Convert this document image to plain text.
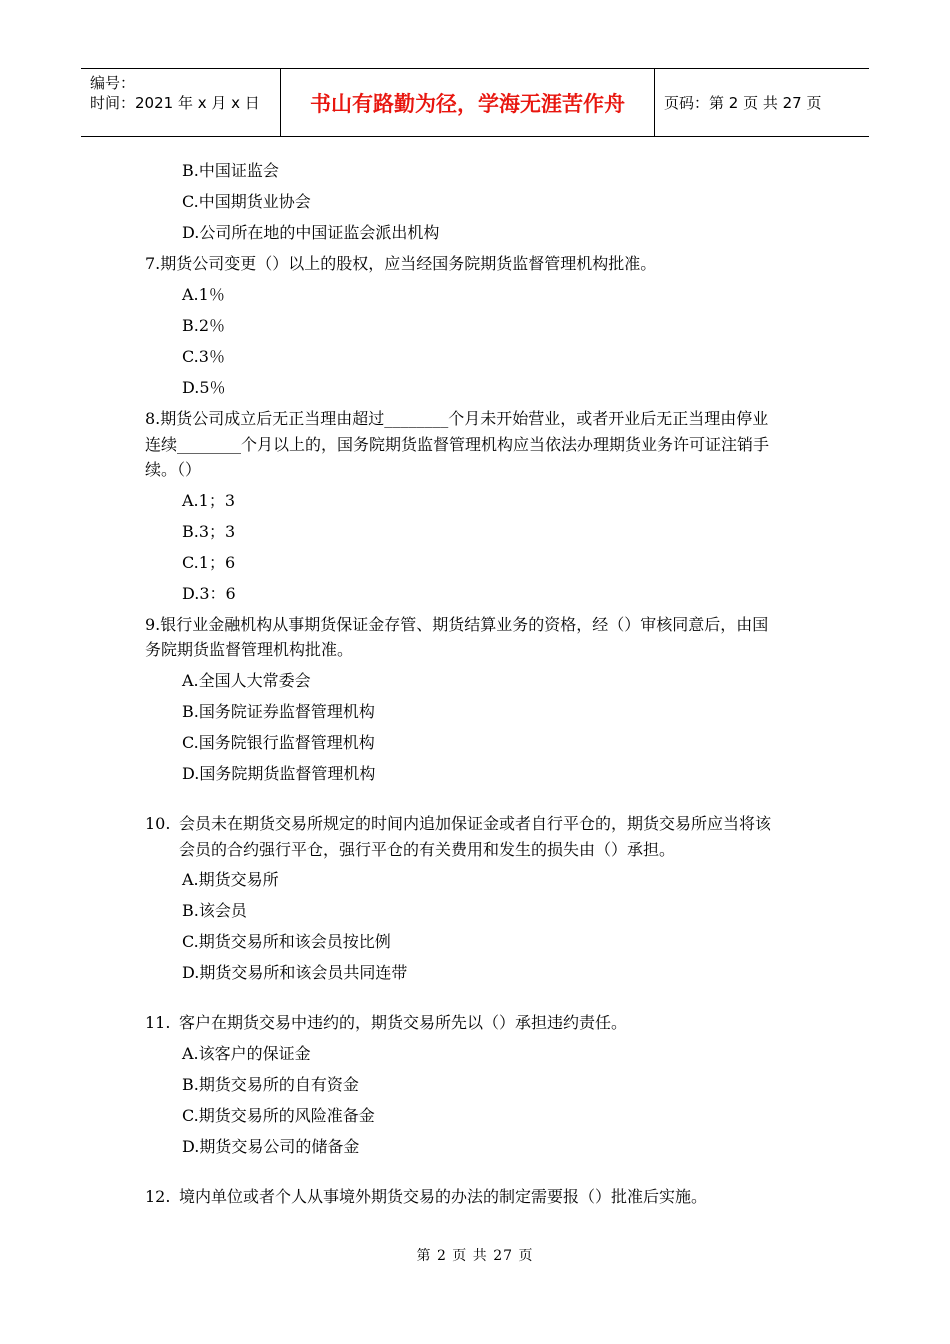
编号：
时间：2021 年 x 月 x 日	书山有路勤为径，学海无涯苦作舟	页码：第 2 页 共 27 页
B.中国证监会
C.中国期货业协会
D.公司所在地的中国证监会派出机构
7.期货公司变更（）以上的股权，应当经国务院期货监督管理机构批准。
A.1％
B.2％
C.3％
D.5％
8.期货公司成立后无正当理由超过________个月未开始营业，或者开业后无正当理由停业
连续________个月以上的，国务院期货监督管理机构应当依法办理期货业务许可证注销手
续。（）
A.1；3
B.3；3
C.1；6
D.3：6
9.银行业金融机构从事期货保证金存管、期货结算业务的资格，经（）审核同意后，由国
务院期货监督管理机构批准。
A.全国人大常委会
B.国务院证券监督管理机构
C.国务院银行监督管理机构
D.国务院期货监督管理机构
10. 会员未在期货交易所规定的时间内追加保证金或者自行平仓的，期货交易所应当将该
会员的合约强行平仓，强行平仓的有关费用和发生的损失由（）承担。
A.期货交易所
B.该会员
C.期货交易所和该会员按比例
D.期货交易所和该会员共同连带
11. 客户在期货交易中违约的，期货交易所先以（）承担违约责任。
A.该客户的保证金
B.期货交易所的自有资金
C.期货交易所的风险准备金
D.期货交易公司的储备金
12. 境内单位或者个人从事境外期货交易的办法的制定需要报（）批准后实施。
第 2 页 共 27 页
